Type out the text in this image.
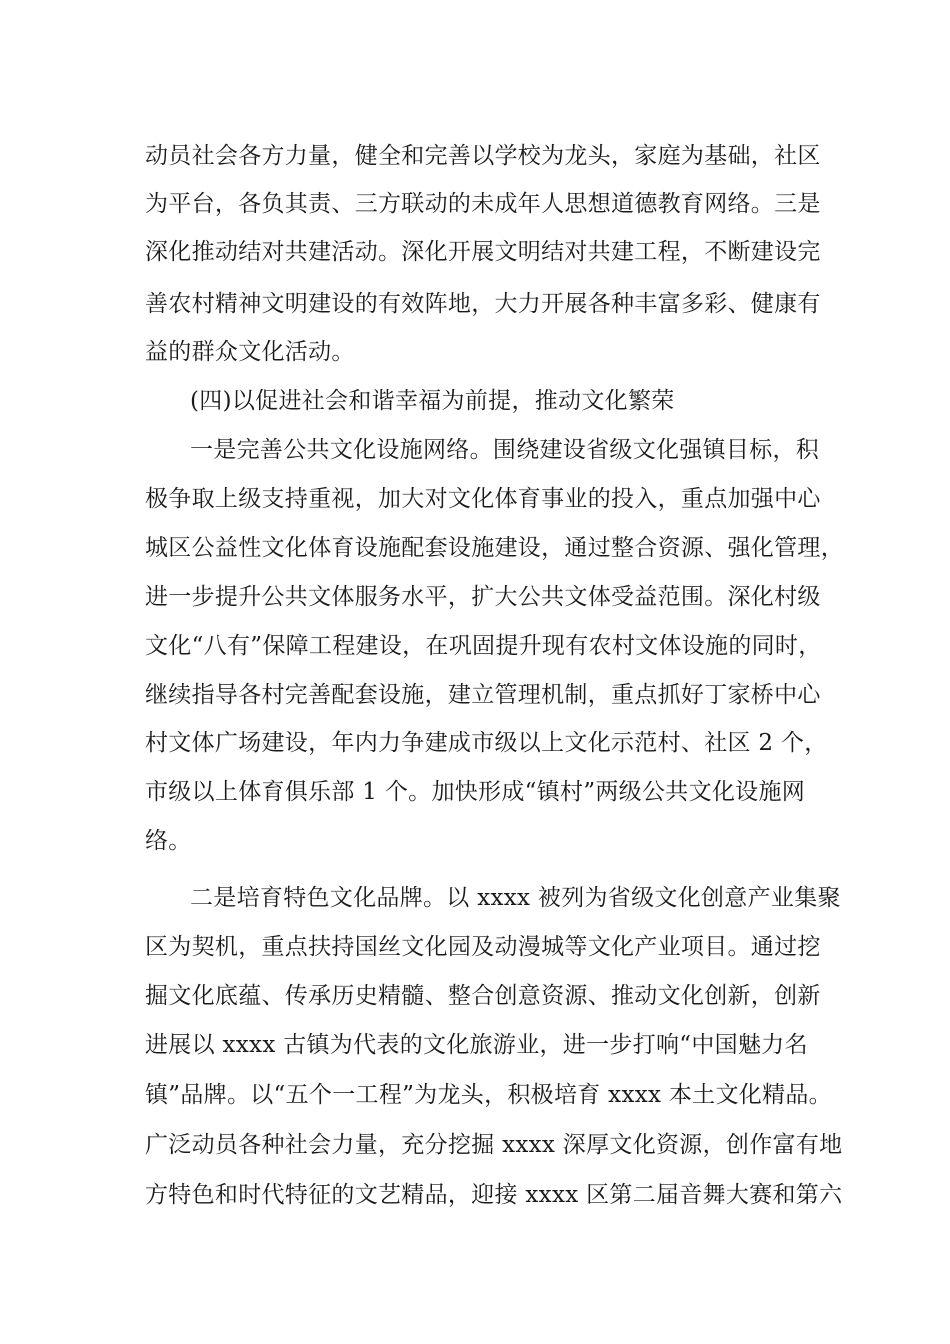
动员社会各方力量，健全和完善以学校为龙头，家庭为基础，社区
为平台，各负其责、三方联动的未成年人思想道德教育网络。三是
深化推动结对共建活动。深化开展文明结对共建工程，不断建设完
善农村精神文明建设的有效阵地，大力开展各种丰富多彩、健康有
益的群众文化活动。
(四)以促进社会和谐幸福为前提，推动文化繁荣
一是完善公共文化设施网络。围绕建设省级文化强镇目标，积
极争取上级支持重视，加大对文化体育事业的投入，重点加强中心
城区公益性文化体育设施配套设施建设，通过整合资源、强化管理，
进一步提升公共文体服务水平，扩大公共文体受益范围。深化村级
文化“八有”保障工程建设，在巩固提升现有农村文体设施的同时，
继续指导各村完善配套设施，建立管理机制，重点抓好丁家桥中心
村文体广场建设，年内力争建成市级以上文化示范村、社区 2 个，
市级以上体育俱乐部 1 个。加快形成“镇村”两级公共文化设施网
络。
二是培育特色文化品牌。以 xxxx 被列为省级文化创意产业集聚
区为契机，重点扶持国丝文化园及动漫城等文化产业项目。通过挖
掘文化底蕴、传承历史精髓、整合创意资源、推动文化创新，创新
进展以 xxxx 古镇为代表的文化旅游业，进一步打响“中国魅力名
镇”品牌。以“五个一工程”为龙头，积极培育 xxxx 本土文化精品。
广泛动员各种社会力量，充分挖掘 xxxx 深厚文化资源，创作富有地
方特色和时代特征的文艺精品，迎接 xxxx 区第二届音舞大赛和第六
